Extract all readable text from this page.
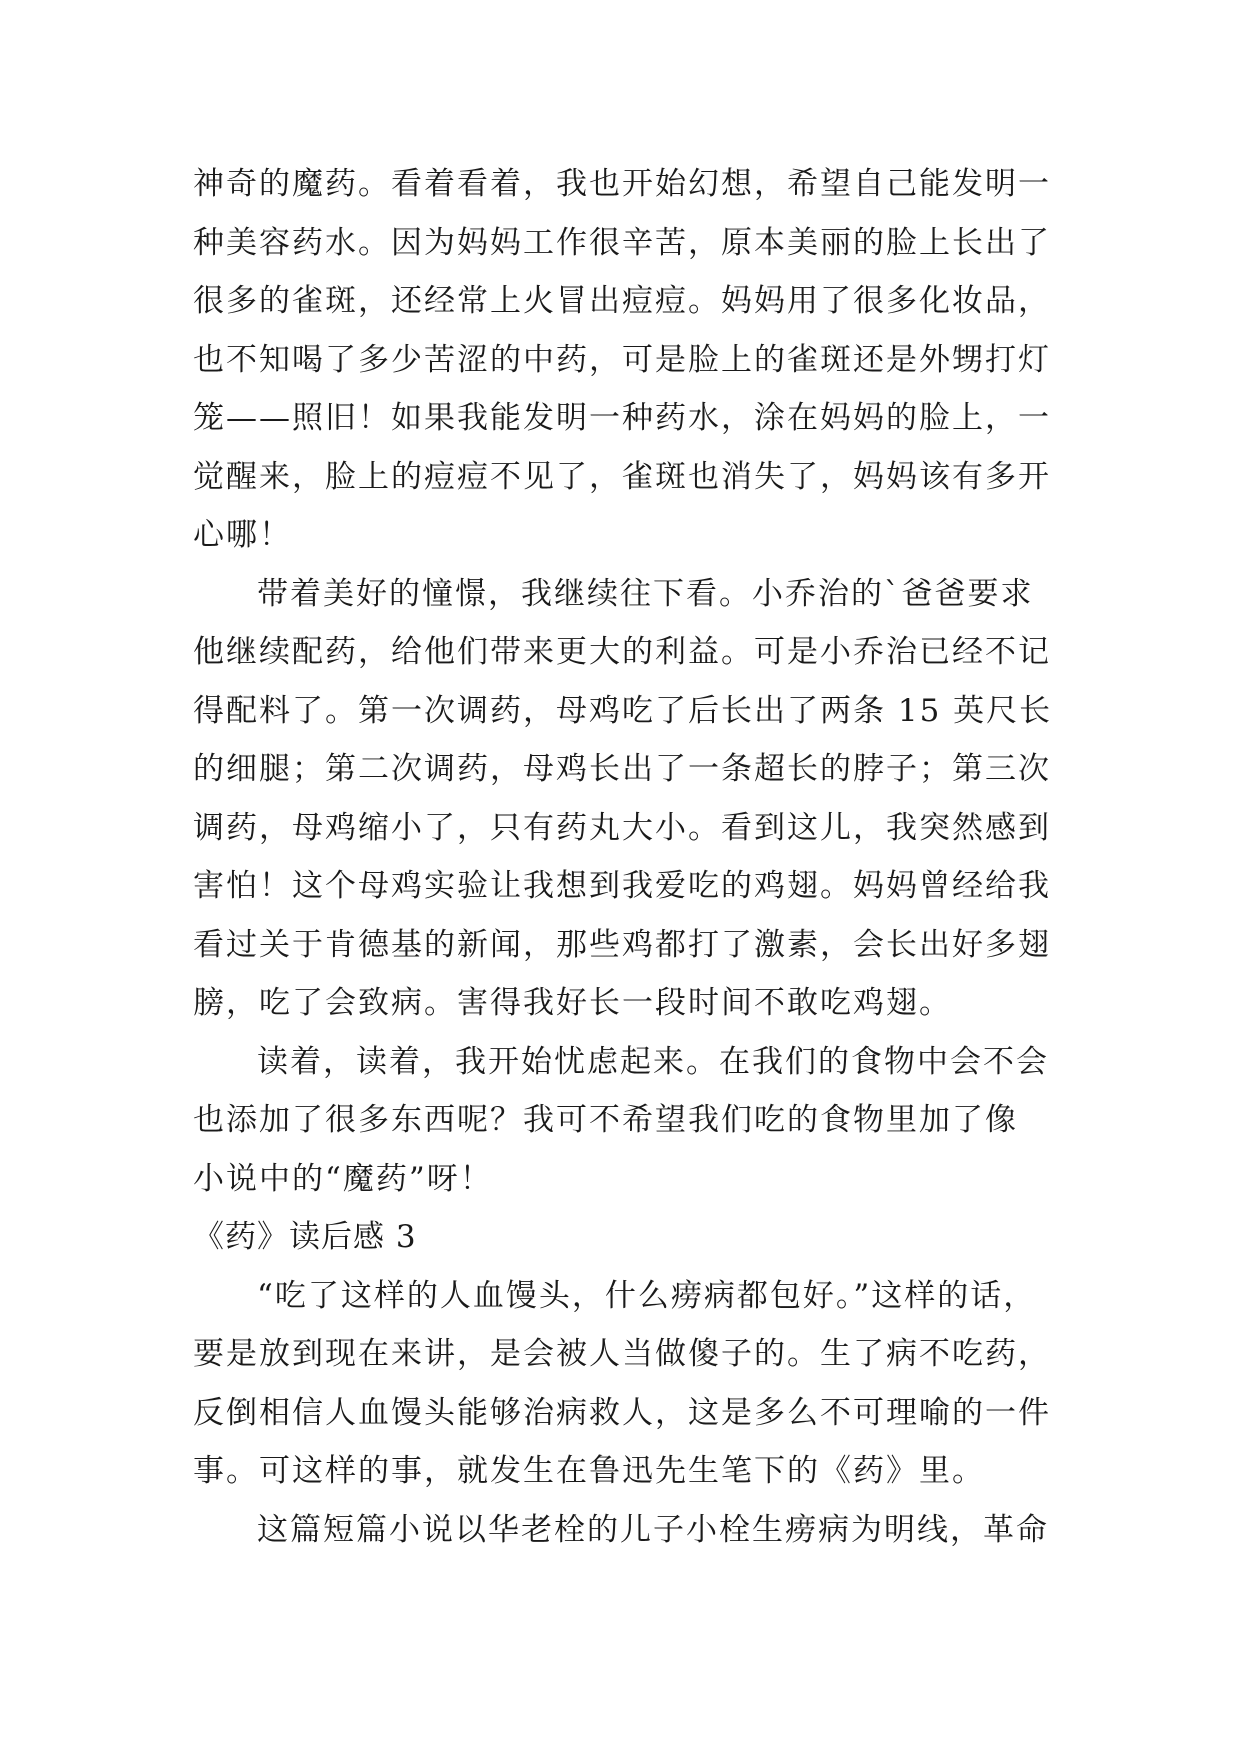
神奇的魔药。看着看着，我也开始幻想，希望自己能发明一

种美容药水。因为妈妈工作很辛苦，原本美丽的脸上长出了

很多的雀斑，还经常上火冒出痘痘。妈妈用了很多化妆品，

也不知喝了多少苦涩的中药，可是脸上的雀斑还是外甥打灯

笼——照旧！如果我能发明一种药水，涂在妈妈的脸上，一

觉醒来，脸上的痘痘不见了，雀斑也消失了，妈妈该有多开

心哪！

带着美好的憧憬，我继续往下看。小乔治的`爸爸要求

他继续配药，给他们带来更大的利益。可是小乔治已经不记

得配料了。第一次调药，母鸡吃了后长出了两条 15 英尺长

的细腿；第二次调药，母鸡长出了一条超长的脖子；第三次

调药，母鸡缩小了，只有药丸大小。看到这儿，我突然感到

害怕！这个母鸡实验让我想到我爱吃的鸡翅。妈妈曾经给我

看过关于肯德基的新闻，那些鸡都打了激素，会长出好多翅

膀，吃了会致病。害得我好长一段时间不敢吃鸡翅。

读着，读着，我开始忧虑起来。在我们的食物中会不会

也添加了很多东西呢？我可不希望我们吃的食物里加了像

小说中的“魔药”呀！

《药》读后感 3

“吃了这样的人血馒头，什么痨病都包好。”这样的话，

要是放到现在来讲，是会被人当做傻子的。生了病不吃药，

反倒相信人血馒头能够治病救人，这是多么不可理喻的一件

事。可这样的事，就发生在鲁迅先生笔下的《药》里。

这篇短篇小说以华老栓的儿子小栓生痨病为明线，革命
